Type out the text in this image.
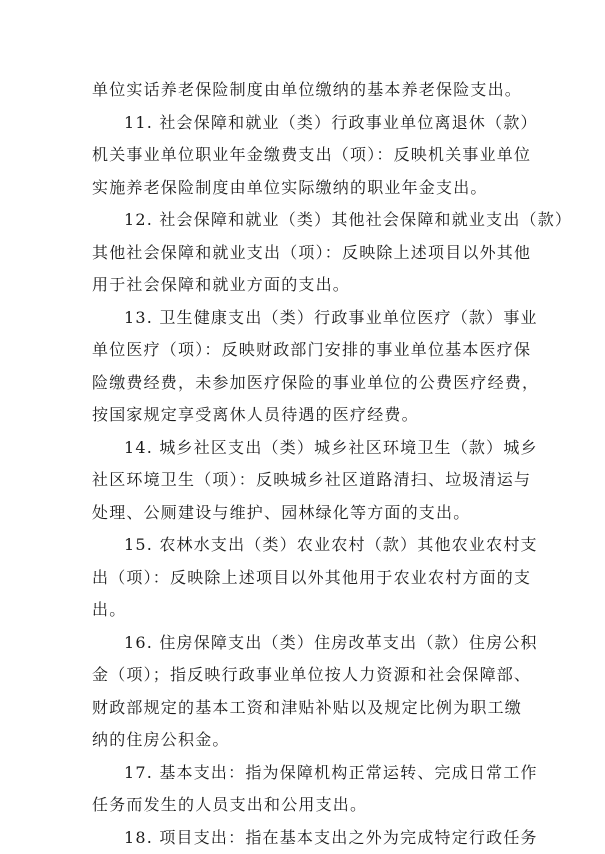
单位实话养老保险制度由单位缴纳的基本养老保险支出。

11. 社会保障和就业（类）行政事业单位离退休（款）
机关事业单位职业年金缴费支出（项）：反映机关事业单位
实施养老保险制度由单位实际缴纳的职业年金支出。

12. 社会保障和就业（类）其他社会保障和就业支出（款）
其他社会保障和就业支出（项）：反映除上述项目以外其他
用于社会保障和就业方面的支出。

13. 卫生健康支出（类）行政事业单位医疗（款）事业
单位医疗（项）：反映财政部门安排的事业单位基本医疗保
险缴费经费，未参加医疗保险的事业单位的公费医疗经费，
按国家规定享受离休人员待遇的医疗经费。

14. 城乡社区支出（类）城乡社区环境卫生（款）城乡
社区环境卫生（项）：反映城乡社区道路清扫、垃圾清运与
处理、公厕建设与维护、园林绿化等方面的支出。

15. 农林水支出（类）农业农村（款）其他农业农村支
出（项）：反映除上述项目以外其他用于农业农村方面的支
出。

16. 住房保障支出（类）住房改革支出（款）住房公积
金（项）；指反映行政事业单位按人力资源和社会保障部、
财政部规定的基本工资和津贴补贴以及规定比例为职工缴
纳的住房公积金。

17. 基本支出：指为保障机构正常运转、完成日常工作
任务而发生的人员支出和公用支出。

18. 项目支出：指在基本支出之外为完成特定行政任务
